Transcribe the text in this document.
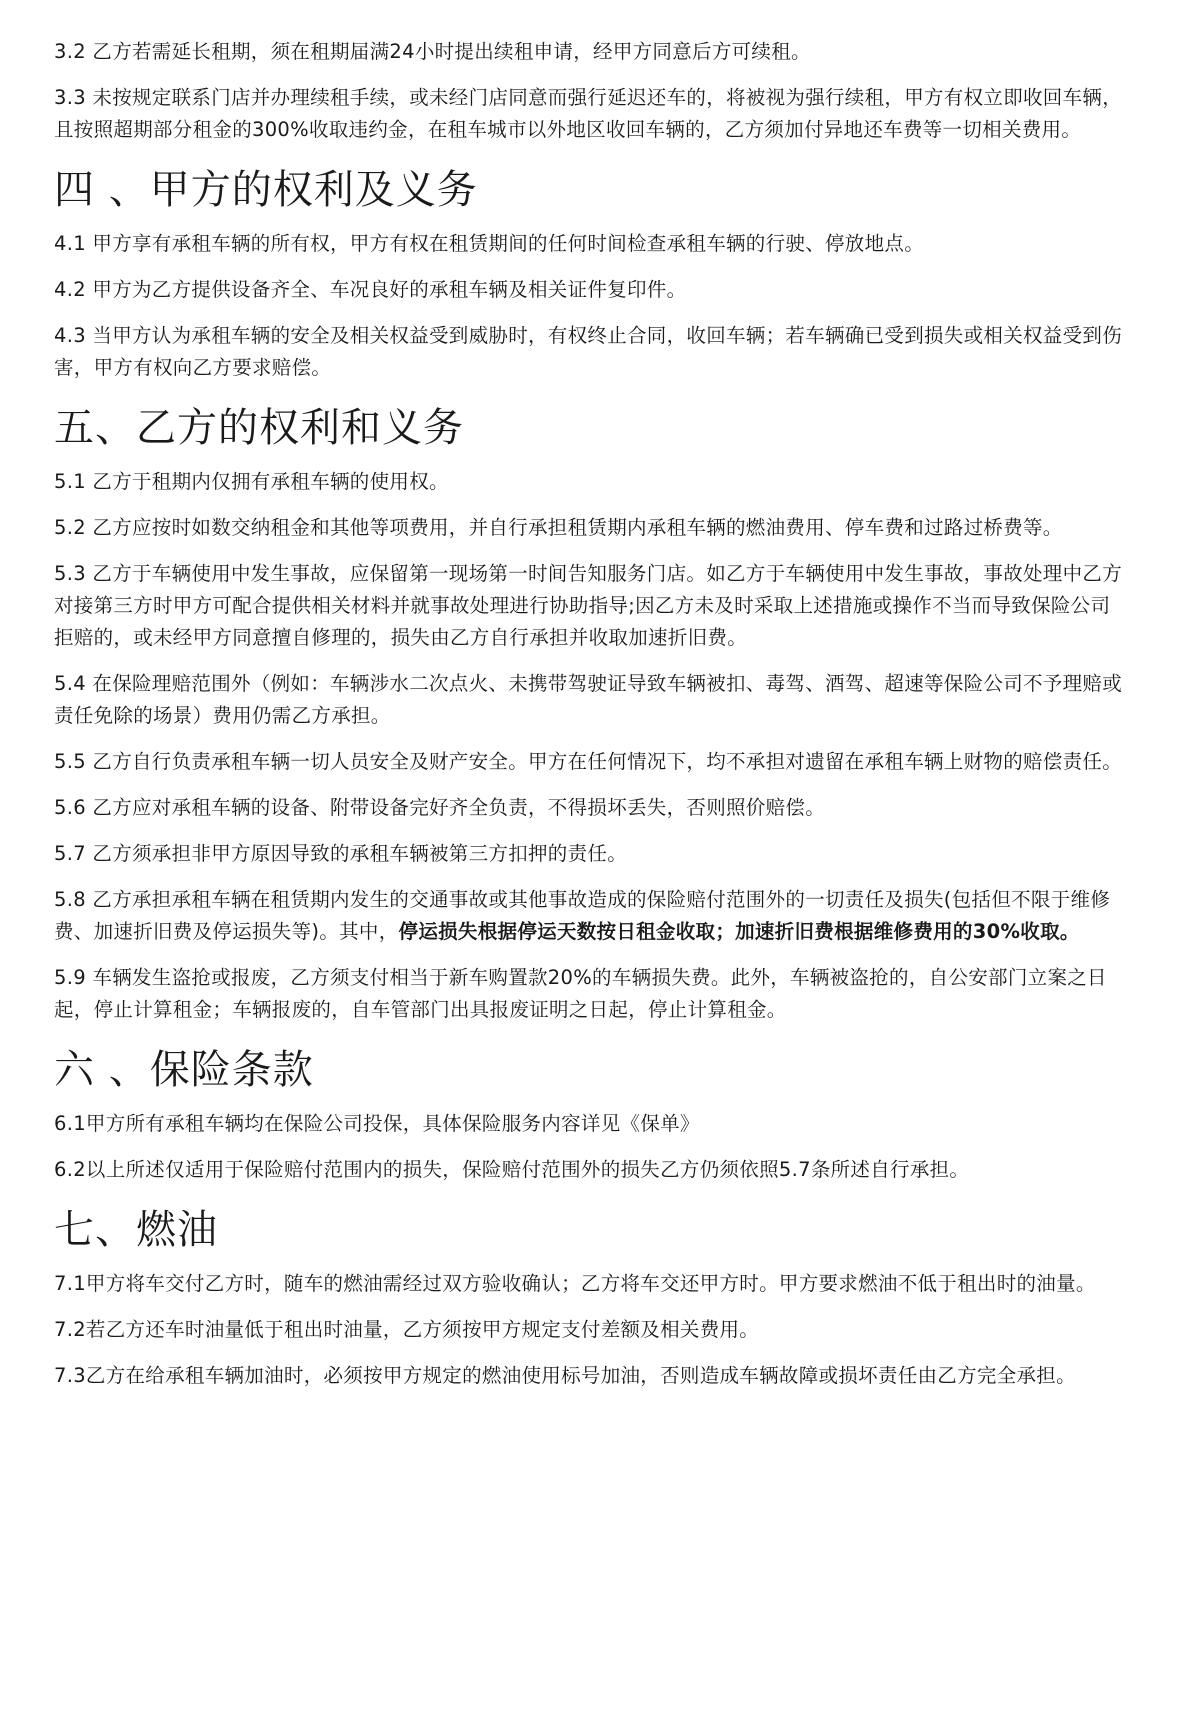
3.2 乙方若需延长租期，须在租期届满24小时提出续租申请，经甲方同意后方可续租。

3.3 未按规定联系门店并办理续租手续，或未经门店同意而强行延迟还车的，将被视为强行续租，甲方有权立即收回车辆，且按照超期部分租金的300%收取违约金，在租车城市以外地区收回车辆的，乙方须加付异地还车费等一切相关费用。

四 、甲方的权利及义务

4.1 甲方享有承租车辆的所有权，甲方有权在租赁期间的任何时间检查承租车辆的行驶、停放地点。

4.2 甲方为乙方提供设备齐全、车况良好的承租车辆及相关证件复印件。

4.3 当甲方认为承租车辆的安全及相关权益受到威胁时，有权终止合同，收回车辆；若车辆确已受到损失或相关权益受到伤害，甲方有权向乙方要求赔偿。

五、乙方的权利和义务

5.1 乙方于租期内仅拥有承租车辆的使用权。

5.2 乙方应按时如数交纳租金和其他等项费用，并自行承担租赁期内承租车辆的燃油费用、停车费和过路过桥费等。

5.3 乙方于车辆使用中发生事故，应保留第一现场第一时间告知服务门店。如乙方于车辆使用中发生事故，事故处理中乙方对接第三方时甲方可配合提供相关材料并就事故处理进行协助指导;因乙方未及时采取上述措施或操作不当而导致保险公司拒赔的，或未经甲方同意擅自修理的，损失由乙方自行承担并收取加速折旧费。

5.4 在保险理赔范围外（例如：车辆涉水二次点火、未携带驾驶证导致车辆被扣、毒驾、酒驾、超速等保险公司不予理赔或责任免除的场景）费用仍需乙方承担。

5.5 乙方自行负责承租车辆一切人员安全及财产安全。甲方在任何情况下，均不承担对遗留在承租车辆上财物的赔偿责任。

5.6 乙方应对承租车辆的设备、附带设备完好齐全负责，不得损坏丢失，否则照价赔偿。

5.7 乙方须承担非甲方原因导致的承租车辆被第三方扣押的责任。

5.8 乙方承担承租车辆在租赁期内发生的交通事故或其他事故造成的保险赔付范围外的一切责任及损失(包括但不限于维修费、加速折旧费及停运损失等)。其中，停运损失根据停运天数按日租金收取；加速折旧费根据维修费用的30%收取。

5.9 车辆发生盗抢或报废，乙方须支付相当于新车购置款20%的车辆损失费。此外，车辆被盗抢的，自公安部门立案之日起，停止计算租金；车辆报废的，自车管部门出具报废证明之日起，停止计算租金。

六 、保险条款

6.1甲方所有承租车辆均在保险公司投保，具体保险服务内容详见《保单》

6.2以上所述仅适用于保险赔付范围内的损失，保险赔付范围外的损失乙方仍须依照5.7条所述自行承担。

七、燃油

7.1甲方将车交付乙方时，随车的燃油需经过双方验收确认；乙方将车交还甲方时。甲方要求燃油不低于租出时的油量。

7.2若乙方还车时油量低于租出时油量，乙方须按甲方规定支付差额及相关费用。

7.3乙方在给承租车辆加油时，必须按甲方规定的燃油使用标号加油，否则造成车辆故障或损坏责任由乙方完全承担。
